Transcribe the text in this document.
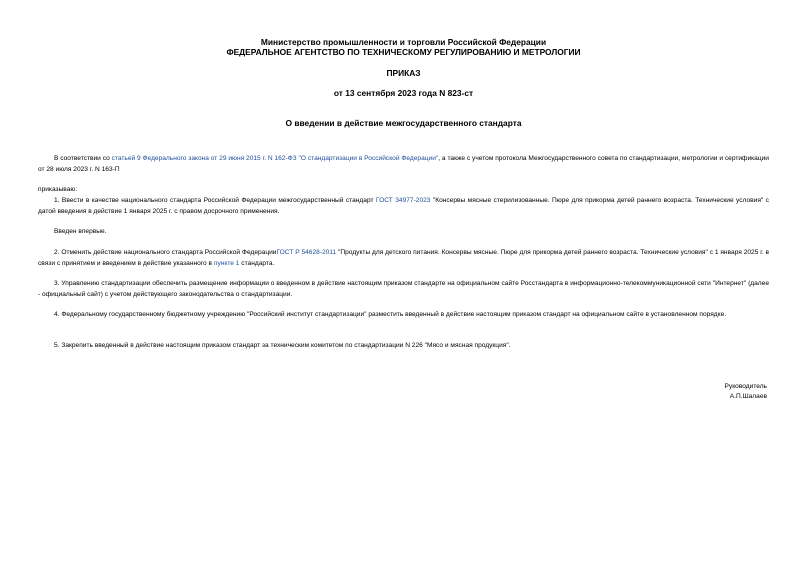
Министерство промышленности и торговли Российской Федерации
ФЕДЕРАЛЬНОЕ АГЕНТСТВО ПО ТЕХНИЧЕСКОМУ РЕГУЛИРОВАНИЮ И МЕТРОЛОГИИ
ПРИКАЗ
от 13 сентября 2023 года N 823-ст
О введении в действие межгосударственного стандарта
В соответствии со статьей 9 Федерального закона от 29 июня 2015 г. N 162-ФЗ "О стандартизации в Российской Федерации", а также с учетом протокола Межгосударственного совета по стандартизации, метрологии и сертификации от 28 июля 2023 г. N 163-П
приказываю:
1. Ввести в качестве национального стандарта Российской Федерации межгосударственный стандарт ГОСТ 34977-2023 "Консервы мясные стерилизованные. Пюре для прикорма детей раннего возраста. Технические условия" с датой введения в действие 1 января 2025 г. с правом досрочного применения.
Введен впервые.
2. Отменить действие национального стандарта Российской ФедерацииГОСТ Р 54628-2011 "Продукты для детского питания. Консервы мясные. Пюре для прикорма детей раннего возраста. Технические условия" с 1 января 2025 г. в связи с принятием и введением в действие указанного в пункте 1 стандарта.
3. Управлению стандартизации обеспечить размещение информации о введенном в действие настоящим приказом стандарте на официальном сайте Росстандарта в информационно-телекоммуникационной сети "Интернет" (далее - официальный сайт) с учетом действующего законодательства о стандартизации.
4. Федеральному государственному бюджетному учреждению "Российский институт стандартизации" разместить введенный в действие настоящим приказом стандарт на официальном сайте в установленном порядке.
5. Закрепить введенный в действие настоящим приказом стандарт за техническим комитетом по стандартизации N 226 "Мясо и мясная продукция".
Руководитель
А.П.Шалаев
